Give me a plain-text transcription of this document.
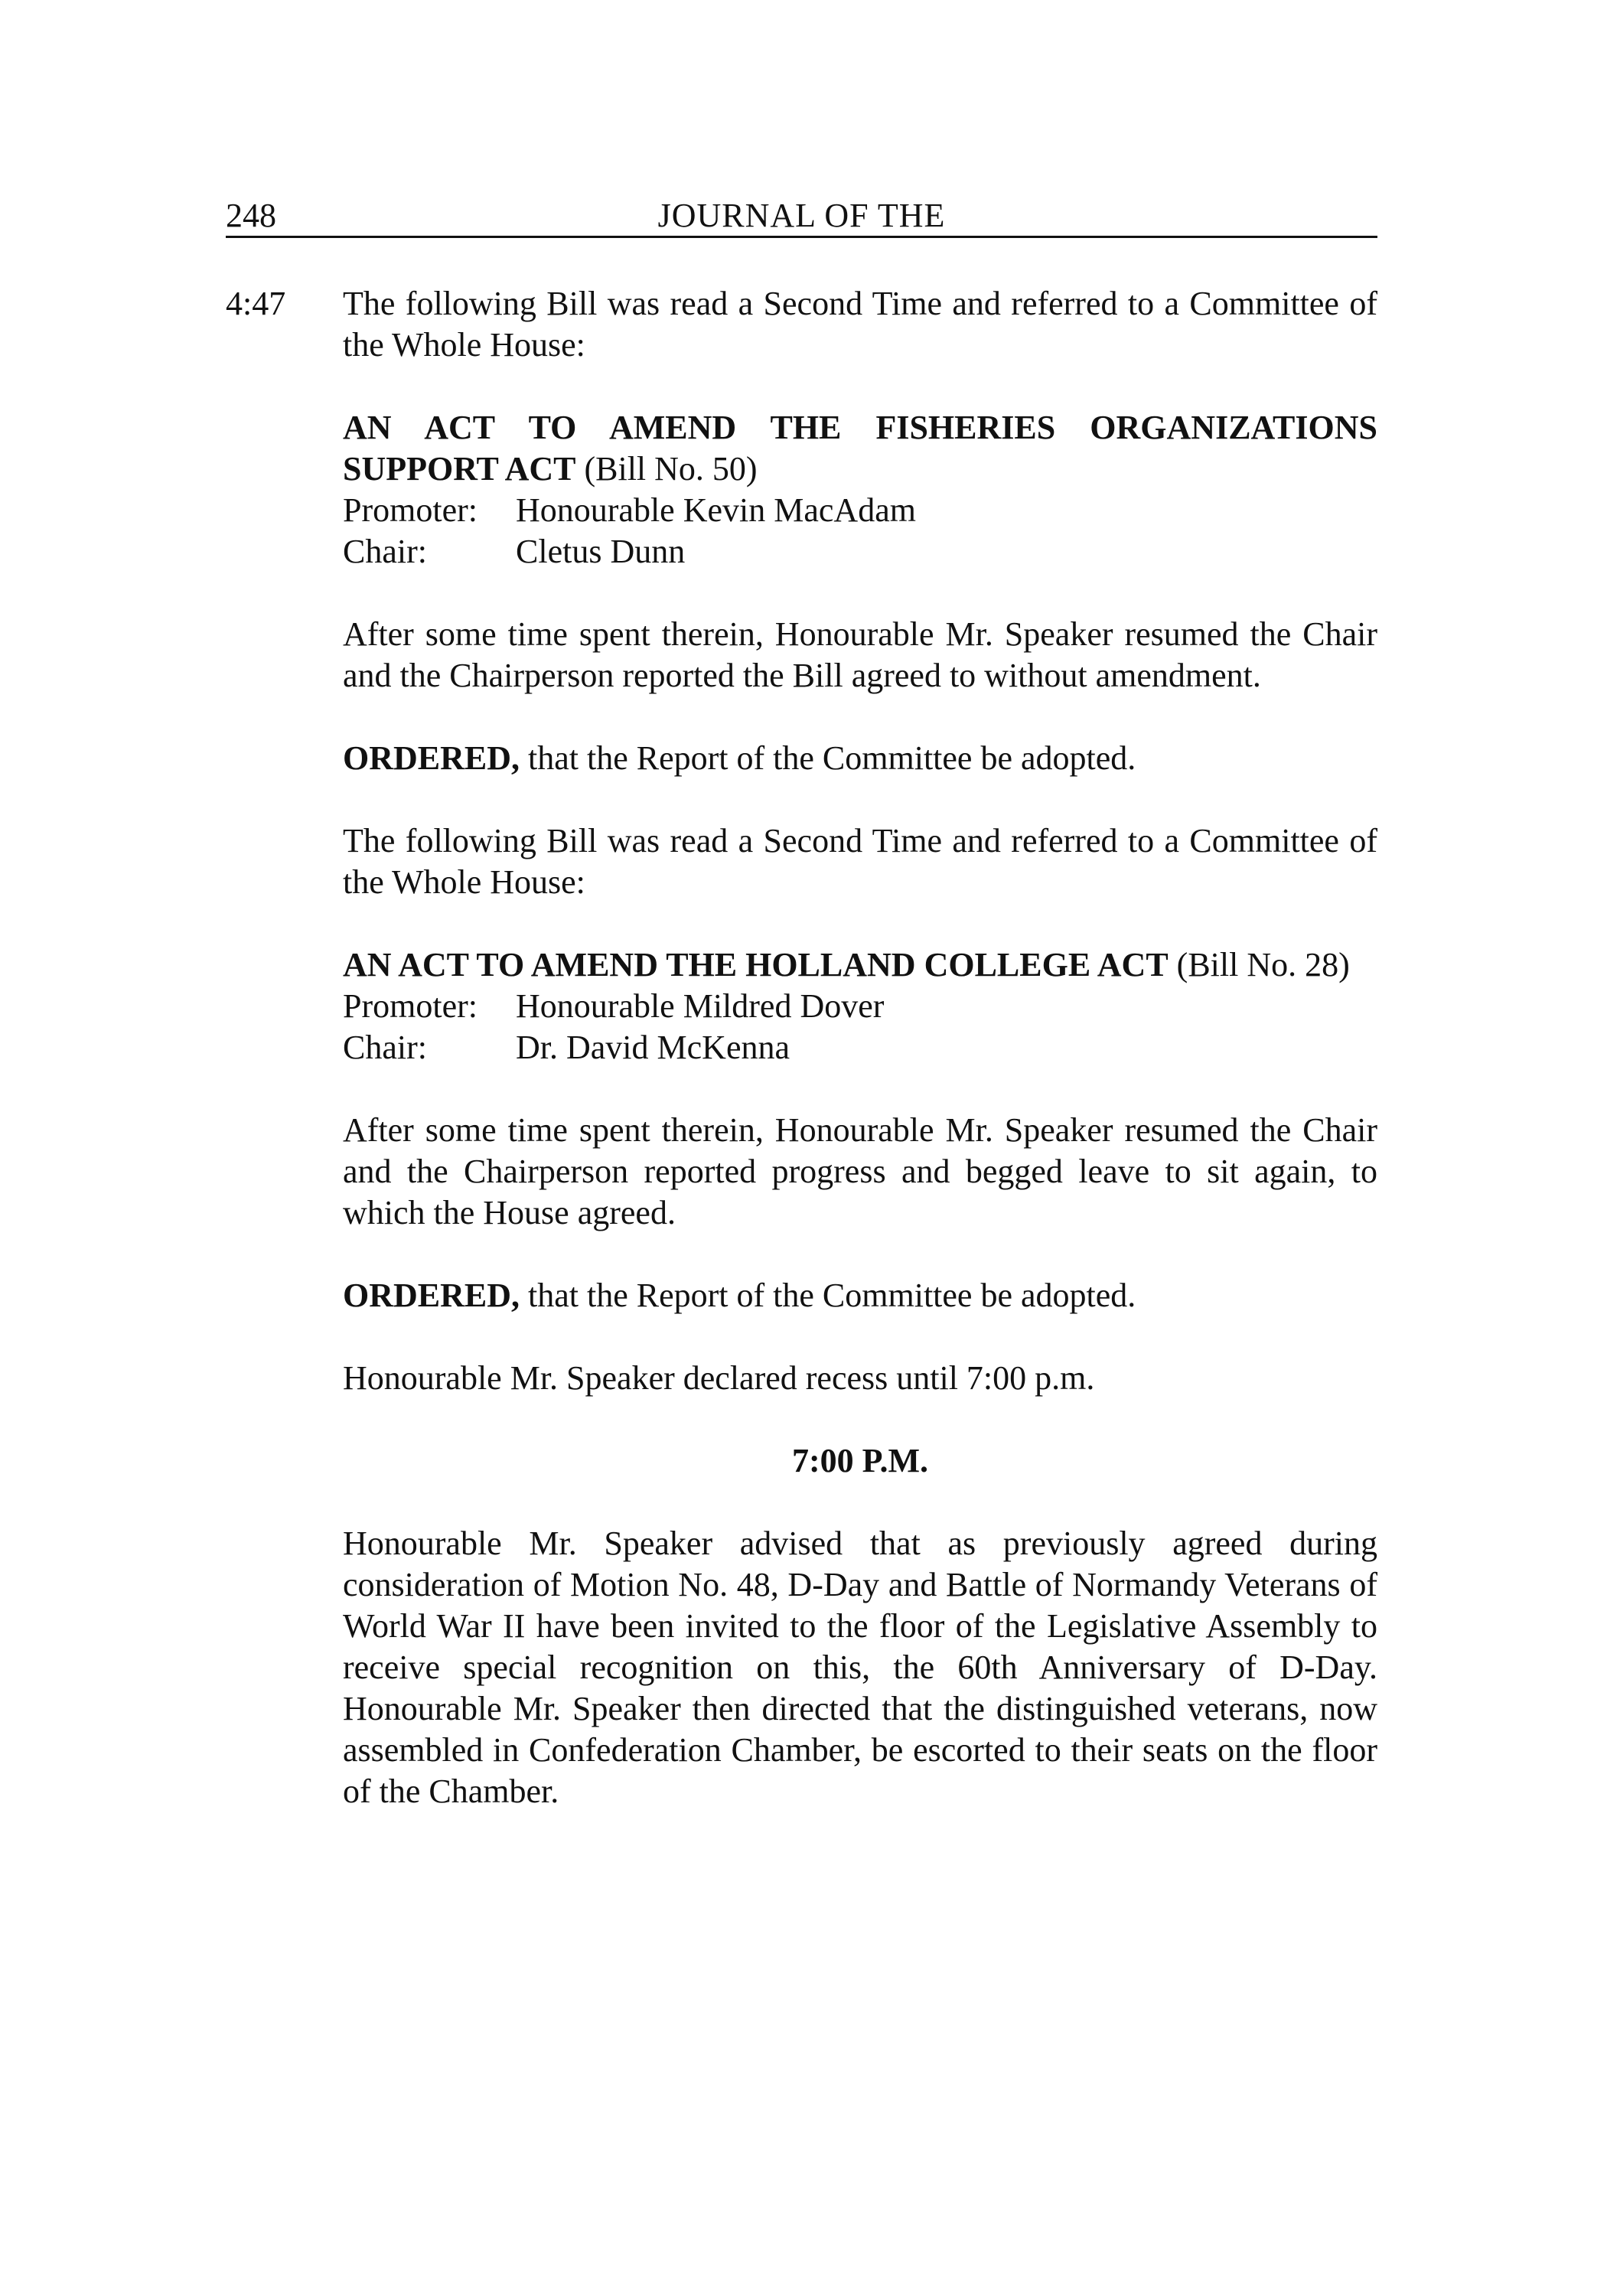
248	JOURNAL OF THE
4:47 The following Bill was read a Second Time and referred to a Committee of the Whole House:

AN ACT TO AMEND THE FISHERIES ORGANIZATIONS SUPPORT ACT (Bill No. 50)

Promoter:	Honourable Kevin MacAdam
Chair:	Cletus Dunn

After some time spent therein, Honourable Mr. Speaker resumed the Chair and the Chairperson reported the Bill agreed to without amendment.

ORDERED, that the Report of the Committee be adopted.

The following Bill was read a Second Time and referred to a Committee of the Whole House:

AN ACT TO AMEND THE HOLLAND COLLEGE ACT (Bill No. 28)

Promoter:	Honourable Mildred Dover
Chair:	Dr. David McKenna

After some time spent therein, Honourable Mr. Speaker resumed the Chair and the Chairperson reported progress and begged leave to sit again, to which the House agreed.

ORDERED, that the Report of the Committee be adopted.

Honourable Mr. Speaker declared recess until 7:00 p.m.

7:00 P.M.

Honourable Mr. Speaker advised that as previously agreed during consideration of Motion No. 48, D-Day and Battle of Normandy Veterans of World War II have been invited to the floor of the Legislative Assembly to receive special recognition on this, the 60th Anniversary of D-Day. Honourable Mr. Speaker then directed that the distinguished veterans, now assembled in Confederation Chamber, be escorted to their seats on the floor of the Chamber.
